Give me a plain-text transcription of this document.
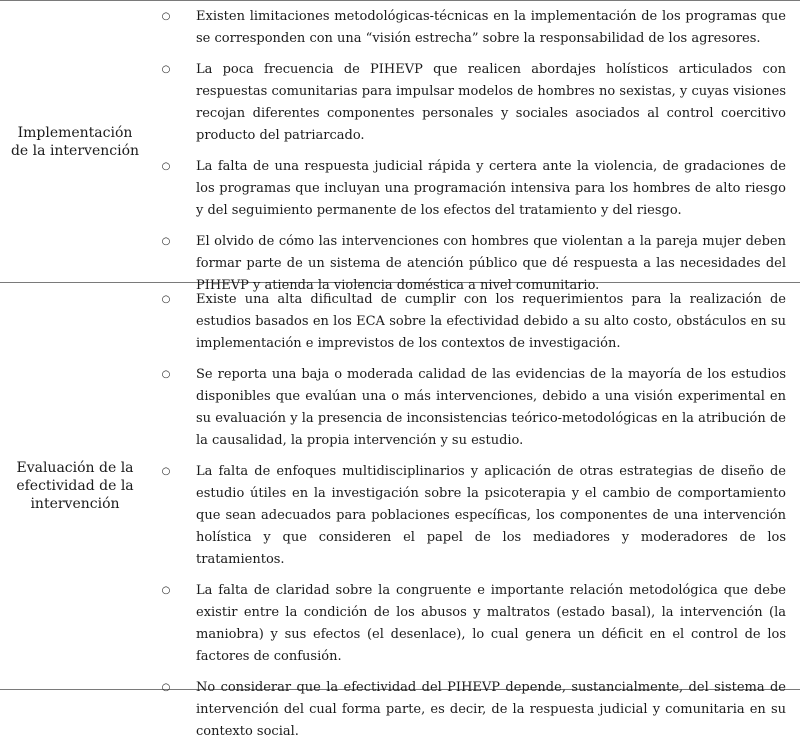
Implementación de la intervención
○	Existen limitaciones metodológicas-técnicas en la implementación de los programas que se corresponden con una “visión estrecha” sobre la responsabilidad de los agresores.
○	La poca frecuencia de PIHEVP que realicen abordajes holísticos articulados con respuestas comunitarias para impulsar modelos de hombres no sexistas, y cuyas visiones recojan diferentes componentes personales y sociales asociados al control coercitivo producto del patriarcado.
○	La falta de una respuesta judicial rápida y certera ante la violencia, de gradaciones de los programas que incluyan una programación intensiva para los hombres de alto riesgo y del seguimiento permanente de los efectos del tratamiento y del riesgo.
○	El olvido de cómo las intervenciones con hombres que violentan a la pareja mujer deben formar parte de un sistema de atención público que dé respuesta a las necesidades del PIHEVP y atienda la violencia doméstica a nivel comunitario.
Evaluación de la efectividad de la intervención
○	Existe una alta dificultad de cumplir con los requerimientos para la realización de estudios basados en los ECA sobre la efectividad debido a su alto costo, obstáculos en su implementación e imprevistos de los contextos de investigación.
○	Se reporta una baja o moderada calidad de las evidencias de la mayoría de los estudios disponibles que evalúan una o más intervenciones, debido a una visión experimental en su evaluación y la presencia de inconsistencias teórico-metodológicas en la atribución de la causalidad, la propia intervención y su estudio.
○	La falta de enfoques multidisciplinarios y aplicación de otras estrategias de diseño de estudio útiles en la investigación sobre la psicoterapia y el cambio de comportamiento que sean adecuados para poblaciones específicas, los componentes de una intervención holística y que consideren el papel de los mediadores y moderadores de los tratamientos.
○	La falta de claridad sobre la congruente e importante relación metodológica que debe existir entre la condición de los abusos y maltratos (estado basal), la intervención (la maniobra) y sus efectos (el desenlace), lo cual genera un déficit en el control de los factores de confusión.
○	No considerar que la efectividad del PIHEVP depende, sustancialmente, del sistema de intervención del cual forma parte, es decir, de la respuesta judicial y comunitaria en su contexto social.
